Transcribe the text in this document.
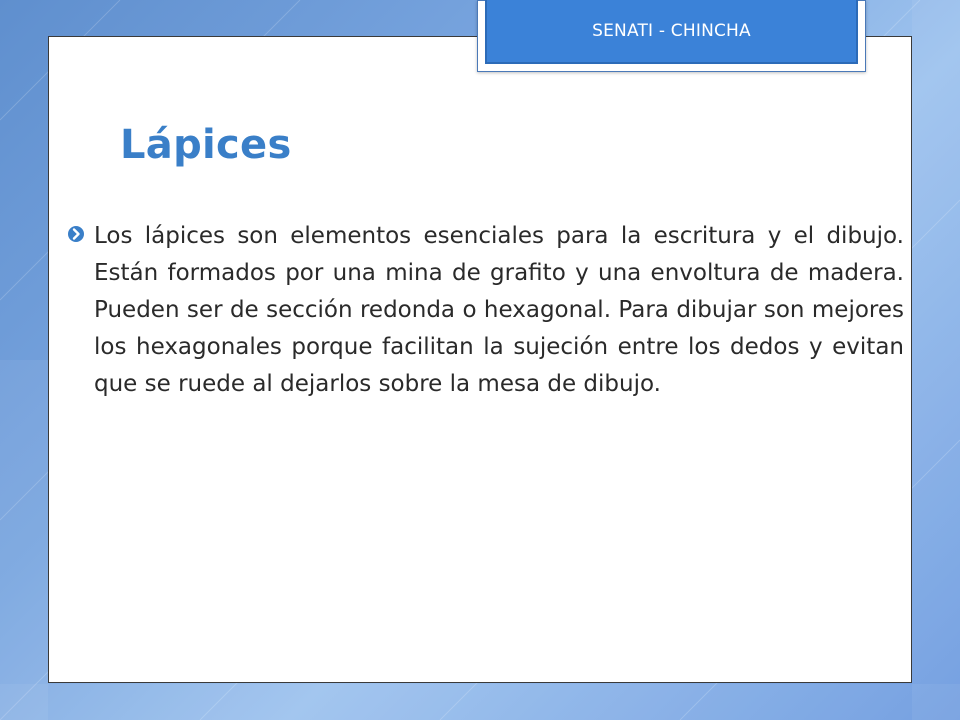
SENATI - CHINCHA
Lápices

Los lápices son elementos esenciales para la escritura y el dibujo. Están formados por una mina de grafito y una envoltura de madera. Pueden ser de sección redonda o hexagonal. Para dibujar son mejores los hexagonales porque facilitan la sujeción entre los dedos y evitan que se ruede al dejarlos sobre la mesa de dibujo.
